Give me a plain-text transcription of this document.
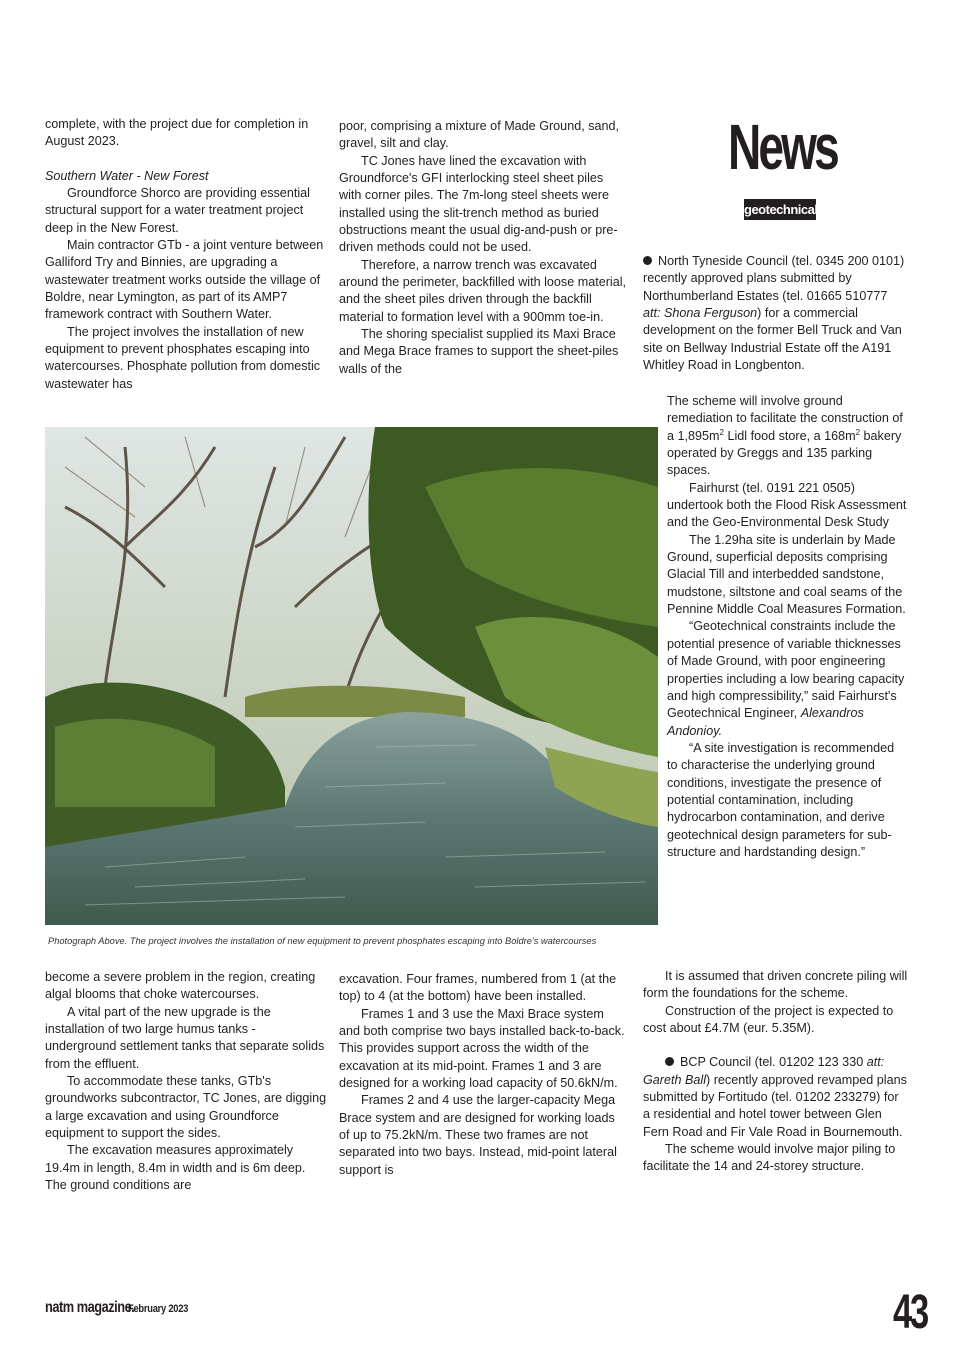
complete, with the project due for completion in August 2023.

Southern Water - New Forest

Groundforce Shorco are providing essential structural support for a water treatment project deep in the New Forest.

Main contractor GTb - a joint venture between Galliford Try and Binnies, are upgrading a wastewater treatment works outside the village of Boldre, near Lymington, as part of its AMP7 framework contract with Southern Water.

The project involves the installation of new equipment to prevent phosphates escaping into watercourses. Phosphate pollution from domestic wastewater has

poor, comprising a mixture of Made Ground, sand, gravel, silt and clay.

TC Jones have lined the excavation with Groundforce's GFI interlocking steel sheet piles with corner piles. The 7m-long steel sheets were installed using the slit-trench method as buried obstructions meant the usual dig-and-push or pre-driven methods could not be used.

Therefore, a narrow trench was excavated around the perimeter, backfilled with loose material, and the sheet piles driven through the backfill material to formation level with a 900mm toe-in.

The shoring specialist supplied its Maxi Brace and Mega Brace frames to support the sheet-piles walls of the

News
geotechnical
Photograph Above. The project involves the installation of new equipment to prevent phosphates escaping into Boldre's watercourses

become a severe problem in the region, creating algal blooms that choke watercourses.

A vital part of the new upgrade is the installation of two large humus tanks - underground settlement tanks that separate solids from the effluent.

To accommodate these tanks, GTb's groundworks subcontractor, TC Jones, are digging a large excavation and using Groundforce equipment to support the sides.

The excavation measures approximately 19.4m in length, 8.4m in width and is 6m deep. The ground conditions are

excavation. Four frames, numbered from 1 (at the top) to 4 (at the bottom) have been installed.

Frames 1 and 3 use the Maxi Brace system and both comprise two bays installed back-to-back. This provides support across the width of the excavation at its mid-point. Frames 1 and 3 are designed for a working load capacity of 50.6kN/m.

Frames 2 and 4 use the larger-capacity Mega Brace system and are designed for working loads of up to 75.2kN/m. These two frames are not separated into two bays. Instead, mid-point lateral support is

North Tyneside Council (tel. 0345 200 0101) recently approved plans submitted by Northumberland Estates (tel. 01665 510777 att: Shona Ferguson) for a commercial development on the former Bell Truck and Van site on Bellway Industrial Estate off the A191 Whitley Road in Longbenton.

The scheme will involve ground remediation to facilitate the construction of a $1,895m^2$ Lidl food store, a $168m^2$ bakery operated by Greggs and 135 parking spaces.

Fairhurst (tel. 0191 221 0505) undertook both the Flood Risk Assessment and the Geo-Environmental Desk Study

The 1.29ha site is underlain by Made Ground, superficial deposits comprising Glacial Till and interbedded sandstone, mudstone, siltstone and coal seams of the Pennine Middle Coal Measures Formation.

“Geotechnical constraints include the potential presence of variable thicknesses of Made Ground, with poor engineering properties including a low bearing capacity and high compressibility,” said Fairhurst's Geotechnical Engineer, Alexandros Andonioy.

“A site investigation is recommended to characterise the underlying ground conditions, investigate the presence of potential contamination, including hydrocarbon contamination, and derive geotechnical design parameters for sub-structure and hardstanding design.”

It is assumed that driven concrete piling will form the foundations for the scheme.

Construction of the project is expected to cost about £4.7M (eur. 5.35M).

BCP Council (tel. 01202 123 330 att: Gareth Ball) recently approved revamped plans submitted by Fortitudo (tel. 01202 233279) for a residential and hotel tower between Glen Fern Road and Fir Vale Road in Bournemouth.

The scheme would involve major piling to facilitate the 14 and 24-storey structure.

natm magazine.
February 2023	43
